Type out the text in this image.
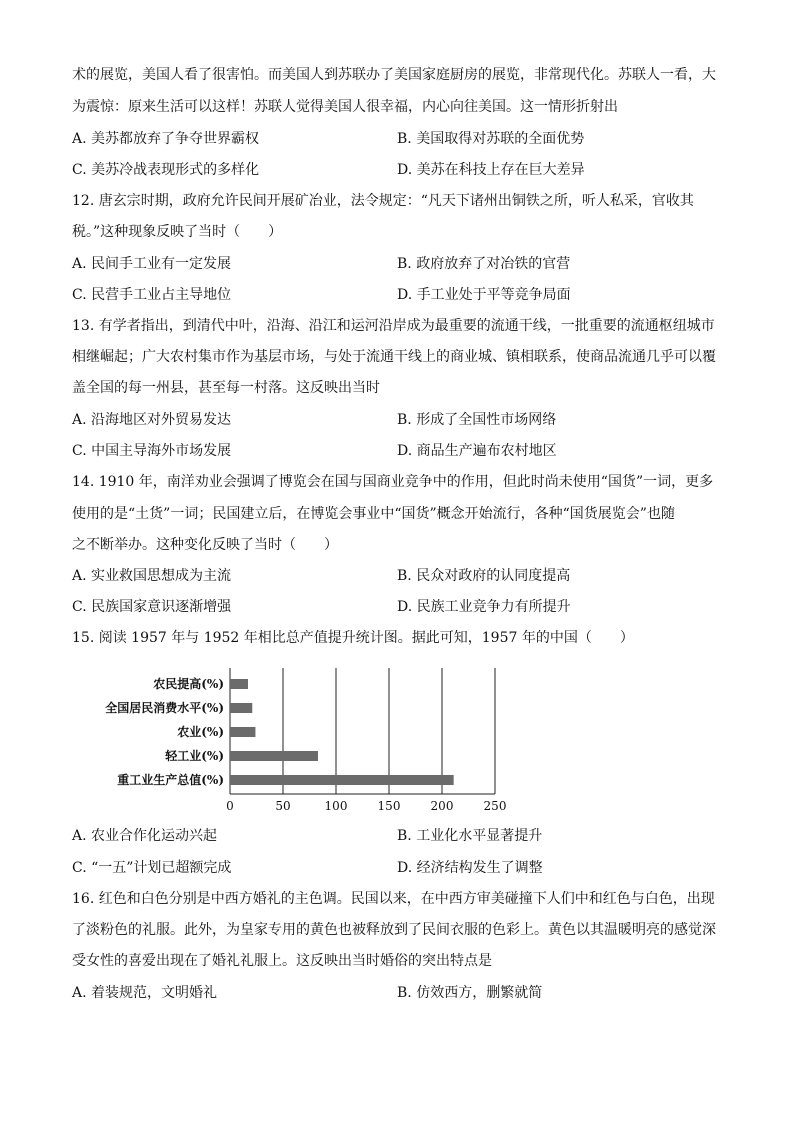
术的展览，美国人看了很害怕。而美国人到苏联办了美国家庭厨房的展览，非常现代化。苏联人一看，大
为震惊：原来生活可以这样！苏联人觉得美国人很幸福，内心向往美国。这一情形折射出
A. 美苏都放弃了争夺世界霸权	B. 美国取得对苏联的全面优势
C. 美苏冷战表现形式的多样化	D. 美苏在科技上存在巨大差异
12. 唐玄宗时期，政府允许民间开展矿冶业，法令规定：“凡天下诸州出铜铁之所，听人私采，官收其
税。”这种现象反映了当时（　　）
A. 民间手工业有一定发展	B. 政府放弃了对冶铁的官营
C. 民营手工业占主导地位	D. 手工业处于平等竞争局面
13. 有学者指出，到清代中叶，沿海、沿江和运河沿岸成为最重要的流通干线，一批重要的流通枢纽城市
相继崛起；广大农村集市作为基层市场，与处于流通干线上的商业城、镇相联系，使商品流通几乎可以覆
盖全国的每一州县，甚至每一村落。这反映出当时
A. 沿海地区对外贸易发达	B. 形成了全国性市场网络
C. 中国主导海外市场发展	D. 商品生产遍布农村地区
14. 1910 年，南洋劝业会强调了博览会在国与国商业竞争中的作用，但此时尚未使用“国货”一词，更多
使用的是“土货”一词；民国建立后，在博览会事业中“国货”概念开始流行，各种“国货展览会”也随
之不断举办。这种变化反映了当时（　　）
A. 实业救国思想成为主流	B. 民众对政府的认同度提高
C. 民族国家意识逐渐增强	D. 民族工业竞争力有所提升
15. 阅读 1957 年与 1952 年相比总产值提升统计图。据此可知，1957 年的中国（　　）
0	50	100	150	200	250
农民提高(%)
全国居民消费水平(%)
农业(%)
轻工业(%)
重工业生产总值(%)
A. 农业合作化运动兴起	B. 工业化水平显著提升
C. “一五”计划已超额完成	D. 经济结构发生了调整
16. 红色和白色分别是中西方婚礼的主色调。民国以来，在中西方审美碰撞下人们中和红色与白色，出现
了淡粉色的礼服。此外，为皇家专用的黄色也被释放到了民间衣服的色彩上。黄色以其温暖明亮的感觉深
受女性的喜爱出现在了婚礼礼服上。这反映出当时婚俗的突出特点是
A. 着装规范，文明婚礼	B. 仿效西方，删繁就简
